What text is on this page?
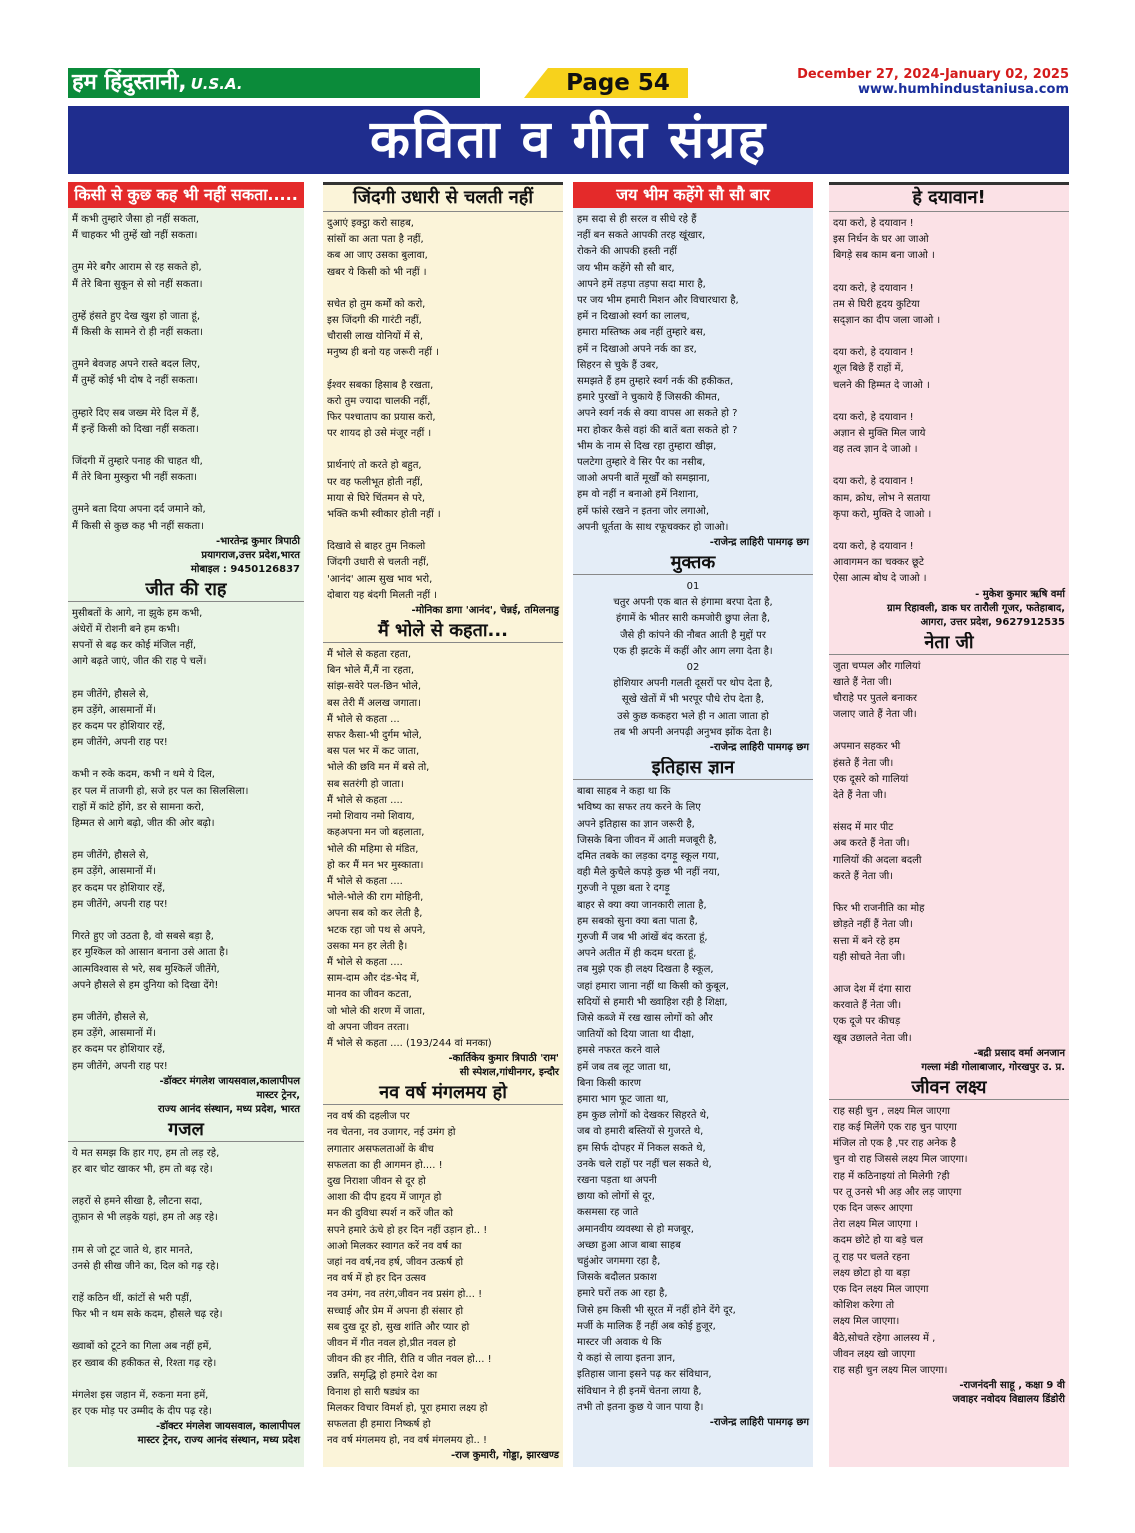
हम हिंदुस्तानी, U.S.A.	Page 54	December 27, 2024-January 02, 2025
www.humhindustaniusa.com
कविता व गीत संग्रह
किसी से कुछ कह भी नहीं सकता.....
मैं कभी तुम्हारे जैसा हो नहीं सकता,
मैं चाहकर भी तुम्हें खो नहीं सकता।
तुम मेरे बगैर आराम से रह सकते हो,
मैं तेरे बिना सुकून से सो नहीं सकता।
तुम्हें हंसते हुए देख खुश हो जाता हूं,
मैं किसी के सामने रो ही नहीं सकता।
तुमने बेवजह अपने रास्ते बदल लिए,
मैं तुम्हें कोई भी दोष दे नहीं सकता।
तुम्हारे दिए सब जख्म मेरे दिल में हैं,
मैं इन्हें किसी को दिखा नहीं सकता।
जिंदगी में तुम्हारे पनाह की चाहत थी,
मैं तेरे बिना मुस्कुरा भी नहीं सकता।
तुमने बता दिया अपना दर्द जमाने को,
मैं किसी से कुछ कह भी नहीं सकता।
-भारतेन्द्र कुमार त्रिपाठी
प्रयागराज,उत्तर प्रदेश,भारत
मोबाइल : 9450126837
जीत की राह
मुसीबतों के आगे, ना झुके हम कभी,
अंधेरों में रोशनी बने हम कभी।
सपनों से बढ़ कर कोई मंजिल नहीं,
आगे बढ़ते जाएं, जीत की राह पे चलें।
हम जीतेंगे, हौसले से,
हम उड़ेंगे, आसमानों में।
हर कदम पर होशियार रहें,
हम जीतेंगे, अपनी राह पर!
कभी न रुके कदम, कभी न थमे ये दिल,
हर पल में ताजगी हो, सजे हर पल का सिलसिला।
राहों में कांटे होंगे, डर से सामना करो,
हिम्मत से आगे बढ़ो, जीत की ओर बढ़ो।
हम जीतेंगे, हौसले से,
हम उड़ेंगे, आसमानों में।
हर कदम पर होशियार रहें,
हम जीतेंगे, अपनी राह पर!
गिरते हुए जो उठता है, वो सबसे बड़ा है,
हर मुश्किल को आसान बनाना उसे आता है।
आत्मविश्वास से भरे, सब मुश्किलें जीतेंगे,
अपने हौसले से हम दुनिया को दिखा देंगे!
हम जीतेंगे, हौसले से,
हम उड़ेंगे, आसमानों में।
हर कदम पर होशियार रहें,
हम जीतेंगे, अपनी राह पर!
-डॉक्टर मंगलेश जायसवाल,कालापीपल
मास्टर ट्रेनर,
राज्य आनंद संस्थान, मध्य प्रदेश, भारत
गजल
ये मत समझ कि हार गए, हम तो लड़ रहे,
हर बार चोट खाकर भी, हम तो बढ़ रहे।
लहरों से हमने सीखा है, लौटना सदा,
तूफ़ान से भी लड़के यहां, हम तो अड़ रहे।
ग़म से जो टूट जाते थे, हार मानते,
उनसे ही सीख जीने का, दिल को गढ़ रहे।
राहें कठिन थीं, कांटों से भरी पड़ीं,
फिर भी न थम सके कदम, हौसले चढ़ रहे।
ख्वाबों को टूटने का गिला अब नहीं हमें,
हर ख्वाब की हकीकत से, रिश्ता गढ़ रहे।
मंगलेश इस जहान में, रुकना मना हमें,
हर एक मोड़ पर उम्मीद के दीप पढ़ रहे।
-डॉक्टर मंगलेश जायसवाल, कालापीपल
मास्टर ट्रेनर, राज्य आनंद संस्थान, मध्य प्रदेश
जिंदगी उधारी से चलती नहीं
दुआएं इक्ट्ठा करो साहब,
सांसों का अता पता है नहीं,
कब आ जाए उसका बुलावा,
खबर ये किसी को भी नहीं ।
सचेत हो तुम कर्मों को करो,
इस जिंदगी की गारंटी नहीं,
चौरासी लाख योनियों में से,
मनुष्य ही बनो यह जरूरी नहीं ।
ईश्वर सबका हिसाब है रखता,
करो तुम ज्यादा चालकी नहीं,
फिर पश्चाताप का प्रयास करो,
पर शायद हो उसे मंजूर नहीं ।
प्रार्थनाएं तो करते हो बहुत,
पर वह फलीभूत होती नहीं,
माया से घिरे चिंतमन से परे,
भक्ति कभी स्वीकार होती नहीं ।
दिखावे से बाहर तुम निकलो
जिंदगी उधारी से चलती नहीं,
'आनंद' आत्म सुख भाव भरो,
दोबारा यह बंदगी मिलती नहीं ।
-मोनिका डागा 'आनंद', चेन्नई, तमिलनाडु
मैं भोले से कहता...
मैं भोले से कहता रहता,
बिन भोले मैं,मैं ना रहता,
सांझ-सवेरे पल-छिन भोले,
बस तेरी मैं अलख जगाता।
मैं भोले से कहता ...
सफर कैसा-भी दुर्गम भोले,
बस पल भर में कट जाता,
भोले की छवि मन में बसे तो,
सब सतरंगी हो जाता।
मैं भोले से कहता ....
नमो शिवाय नमो शिवाय,
कहअपना मन जो बहलाता,
भोले की महिमा से मंडित,
हो कर मैं मन भर मुस्काता।
मैं भोले से कहता ....
भोले-भोले की राग मोहिनी,
अपना सब को कर लेती है,
भटक रहा जो पथ से अपने,
उसका मन हर लेती है।
मैं भोले से कहता ....
साम-दाम और दंड-भेद में,
मानव का जीवन कटता,
जो भोले की शरण में जाता,
वो अपना जीवन तरता।
मैं भोले से कहता .... (193/244 वां मनका)
-कार्तिकेय कुमार त्रिपाठी 'राम'
सी स्पेशल,गांधीनगर, इन्दौर
नव वर्ष मंगलमय हो
नव वर्ष की दहलीज पर
नव चेतना, नव उजागर, नई उमंग हो
लगातार असफलताओं के बीच
सफलता का ही आगमन हो.... !
दुख निराशा जीवन से दूर हो
आशा की दीप हृदय में जागृत हो
मन की दुविधा स्पर्श न करें जीत को
सपने हमारे ऊंचे हो हर दिन नहीं उड़ान हो.. !
आओ मिलकर स्वागत करें नव वर्ष का
जहां नव वर्ष,नव हर्ष, जीवन उत्कर्ष हो
नव वर्ष में हो हर दिन उत्सव
नव उमंग, नव तरंग,जीवन नव प्रसंग हो... !
सच्चाई और प्रेम में अपना ही संसार हो
सब दुख दूर हो, सुख शांति और प्यार हो
जीवन में गीत नवल हो,प्रीत नवल हो
जीवन की हर नीति, रीति व जीत नवल हो... !
उन्नति, समृद्धि हो हमारे देश का
विनाश हो सारी षड्यंत्र का
मिलकर विचार विमर्श हो, पूरा हमारा लक्ष्य हो
सफलता ही हमारा निष्कर्ष हो
नव वर्ष मंगलमय हो, नव वर्ष मंगलमय हो.. !
-राज कुमारी, गोड्डा, झारखण्ड
जय भीम कहेंगे सौ सौ बार
हम सदा से ही सरल व सीधे रहे हैं
नहीं बन सकते आपकी तरह खूंखार,
रोकने की आपकी हस्ती नहीं
जय भीम कहेंगे सौ सौ बार,
आपने हमें तड़पा तड़पा सदा मारा है,
पर जय भीम हमारी मिशन और विचारधारा है,
हमें न दिखाओ स्वर्ग का लालच,
हमारा मस्तिष्क अब नहीं तुम्हारे बस,
हमें न दिखाओ अपने नर्क का डर,
सिहरन से चुके हैं उबर,
समझते हैं हम तुम्हारे स्वर्ग नर्क की हकीकत,
हमारे पुरखों ने चुकाये हैं जिसकी कीमत,
अपने स्वर्ग नर्क से क्या वापस आ सकते हो ?
मरा होकर कैसे वहां की बातें बता सकते हो ?
भीम के नाम से दिख रहा तुम्हारा खीझ,
पलटेगा तुम्हारे वे सिर पैर का नसीब,
जाओ अपनी बातें मूर्खों को समझाना,
हम वो नहीं न बनाओ हमें निशाना,
हमें फांसे रखने न इतना जोर लगाओ,
अपनी धूर्तता के साथ रफूचक्कर हो जाओ।
-राजेन्द्र लाहिरी पामगढ़ छग
मुक्तक
01
चतुर अपनी एक बात से हंगामा बरपा देता है,
हंगामें के भीतर सारी कमजोरी छुपा लेता है,
जैसे ही कांपने की नौबत आती है मुद्दों पर
एक ही झटके में कहीं और आग लगा देता है।
02
होशियार अपनी गलती दूसरों पर थोप देता है,
सूखे खेतों में भी भरपूर पौधे रोप देता है,
उसे कुछ ककहरा भले ही न आता जाता हो
तब भी अपनी अनपढ़ी अनुभव झोंक देता है।
-राजेन्द्र लाहिरी पामगढ़ छग
इतिहास ज्ञान
बाबा साहब ने कहा था कि
भविष्य का सफर तय करने के लिए
अपने इतिहास का ज्ञान जरूरी है,
जिसके बिना जीवन में आती मजबूरी है,
दमित तबके का लड़का दगड़ू स्कूल गया,
वही मैले कुचैले कपड़े कुछ भी नहीं नया,
गुरुजी ने पूछा बता रे दगड़ू
बाहर से क्या क्या जानकारी लाता है,
हम सबको सुना क्या बता पाता है,
गुरुजी मैं जब भी आंखें बंद करता हूं,
अपने अतीत में ही कदम धरता हूं,
तब मुझे एक ही लक्ष्य दिखता है स्कूल,
जहां हमारा जाना नहीं था किसी को कुबूल,
सदियों से हमारी भी ख्वाहिश रही है शिक्षा,
जिसे कब्जे में रख खास लोगों को और
जातियों को दिया जाता था दीक्षा,
हमसे नफरत करने वाले
हमें जब तब लूट जाता था,
बिना किसी कारण
हमारा भाग फूट जाता था,
हम कुछ लोगों को देखकर सिहरते थे,
जब वो हमारी बस्तियों से गुजरते थे,
हम सिर्फ दोपहर में निकल सकते थे,
उनके चले राहों पर नहीं चल सकते थे,
रखना पड़ता था अपनी
छाया को लोगों से दूर,
कसमसा रह जाते
अमानवीय व्यवस्था से हो मजबूर,
अच्छा हुआ आज बाबा साहब
चहुंओर जगमगा रहा है,
जिसके बदौलत प्रकाश
हमारे घरों तक आ रहा है,
जिसे हम किसी भी सूरत में नहीं होने देंगे दूर,
मर्जी के मालिक हैं नहीं अब कोई हुजूर,
मास्टर जी अवाक थे कि
ये कहां से लाया इतना ज्ञान,
इतिहास जाना इसने पढ़ कर संविधान,
संविधान ने ही इनमें चेतना लाया है,
तभी तो इतना कुछ ये जान पाया है।
-राजेन्द्र लाहिरी पामगढ़ छग
हे दयावान!
दया करो, हे दयावान !
इस निर्धन के घर आ जाओ
बिगड़े सब काम बना जाओ ।
दया करो, हे दयावान !
तम से घिरी हृदय कुटिया
सद्ज्ञान का दीप जला जाओ ।
दया करो, हे दयावान !
शूल बिछे हैं राहों में,
चलने की हिम्मत दे जाओ ।
दया करो, हे दयावान !
अज्ञान से मुक्ति मिल जाये
वह तत्व ज्ञान दे जाओ ।
दया करो, हे दयावान !
काम, क्रोध, लोभ ने सताया
कृपा करो, मुक्ति दे जाओ ।
दया करो, हे दयावान !
आवागमन का चक्कर छूटे
ऐसा आत्म बोध दे जाओ ।
- मुकेश कुमार ऋषि वर्मा
ग्राम रिहावली, डाक घर तारौली गूजर, फतेहाबाद,
आगरा, उत्तर प्रदेश, 9627912535
नेता जी
जुता चप्पल और गालियां
खाते हैं नेता जी।
चौराहे पर पुतले बनाकर
जलाए जाते हैं नेता जी।
अपमान सहकर भी
हंसते हैं नेता जी।
एक दूसरे को गालियां
देते हैं नेता जी।
संसद में मार पीट
अब करते हैं नेता जी।
गालियों की अदला बदली
करते हैं नेता जी।
फिर भी राजनीति का मोह
छोड़ते नहीं हैं नेता जी।
सत्ता में बने रहे हम
यही सोचते नेता जी।
आज देश में दंगा सारा
करवाते हैं नेता जी।
एक दूजे पर कीचड़
खूब उछालते नेता जी।
-बद्री प्रसाद वर्मा अनजान
गल्ला मंडी गोलाबाजार, गोरखपुर उ. प्र.
जीवन लक्ष्य
राह सही चुन , लक्ष्य मिल जाएगा
राह कई मिलेंगे एक राह चुन पाएगा
मंजिल तो एक है ,पर राह अनेक है
चुन वो राह जिससे लक्ष्य मिल जाएगा।
राह में कठिनाइयां तो मिलेगी ?ही
पर तू उनसे भी अड़ और लड़ जाएगा
एक दिन जरूर आएगा
तेरा लक्ष्य मिल जाएगा ।
कदम छोटे हो या बड़े चल
तू राह पर चलते रहना
लक्ष्य छोटा हो या बड़ा
एक दिन लक्ष्य मिल जाएगा
कोशिश करेगा तो
लक्ष्य मिल जाएगा।
बैठे,सोचते रहेगा आलस्य में ,
जीवन लक्ष्य खो जाएगा
राह सही चुन लक्ष्य मिल जाएगा।
-राजनंदनी साहू , कक्षा 9 वी
जवाहर नवोदय विद्यालय डिंडोरी
